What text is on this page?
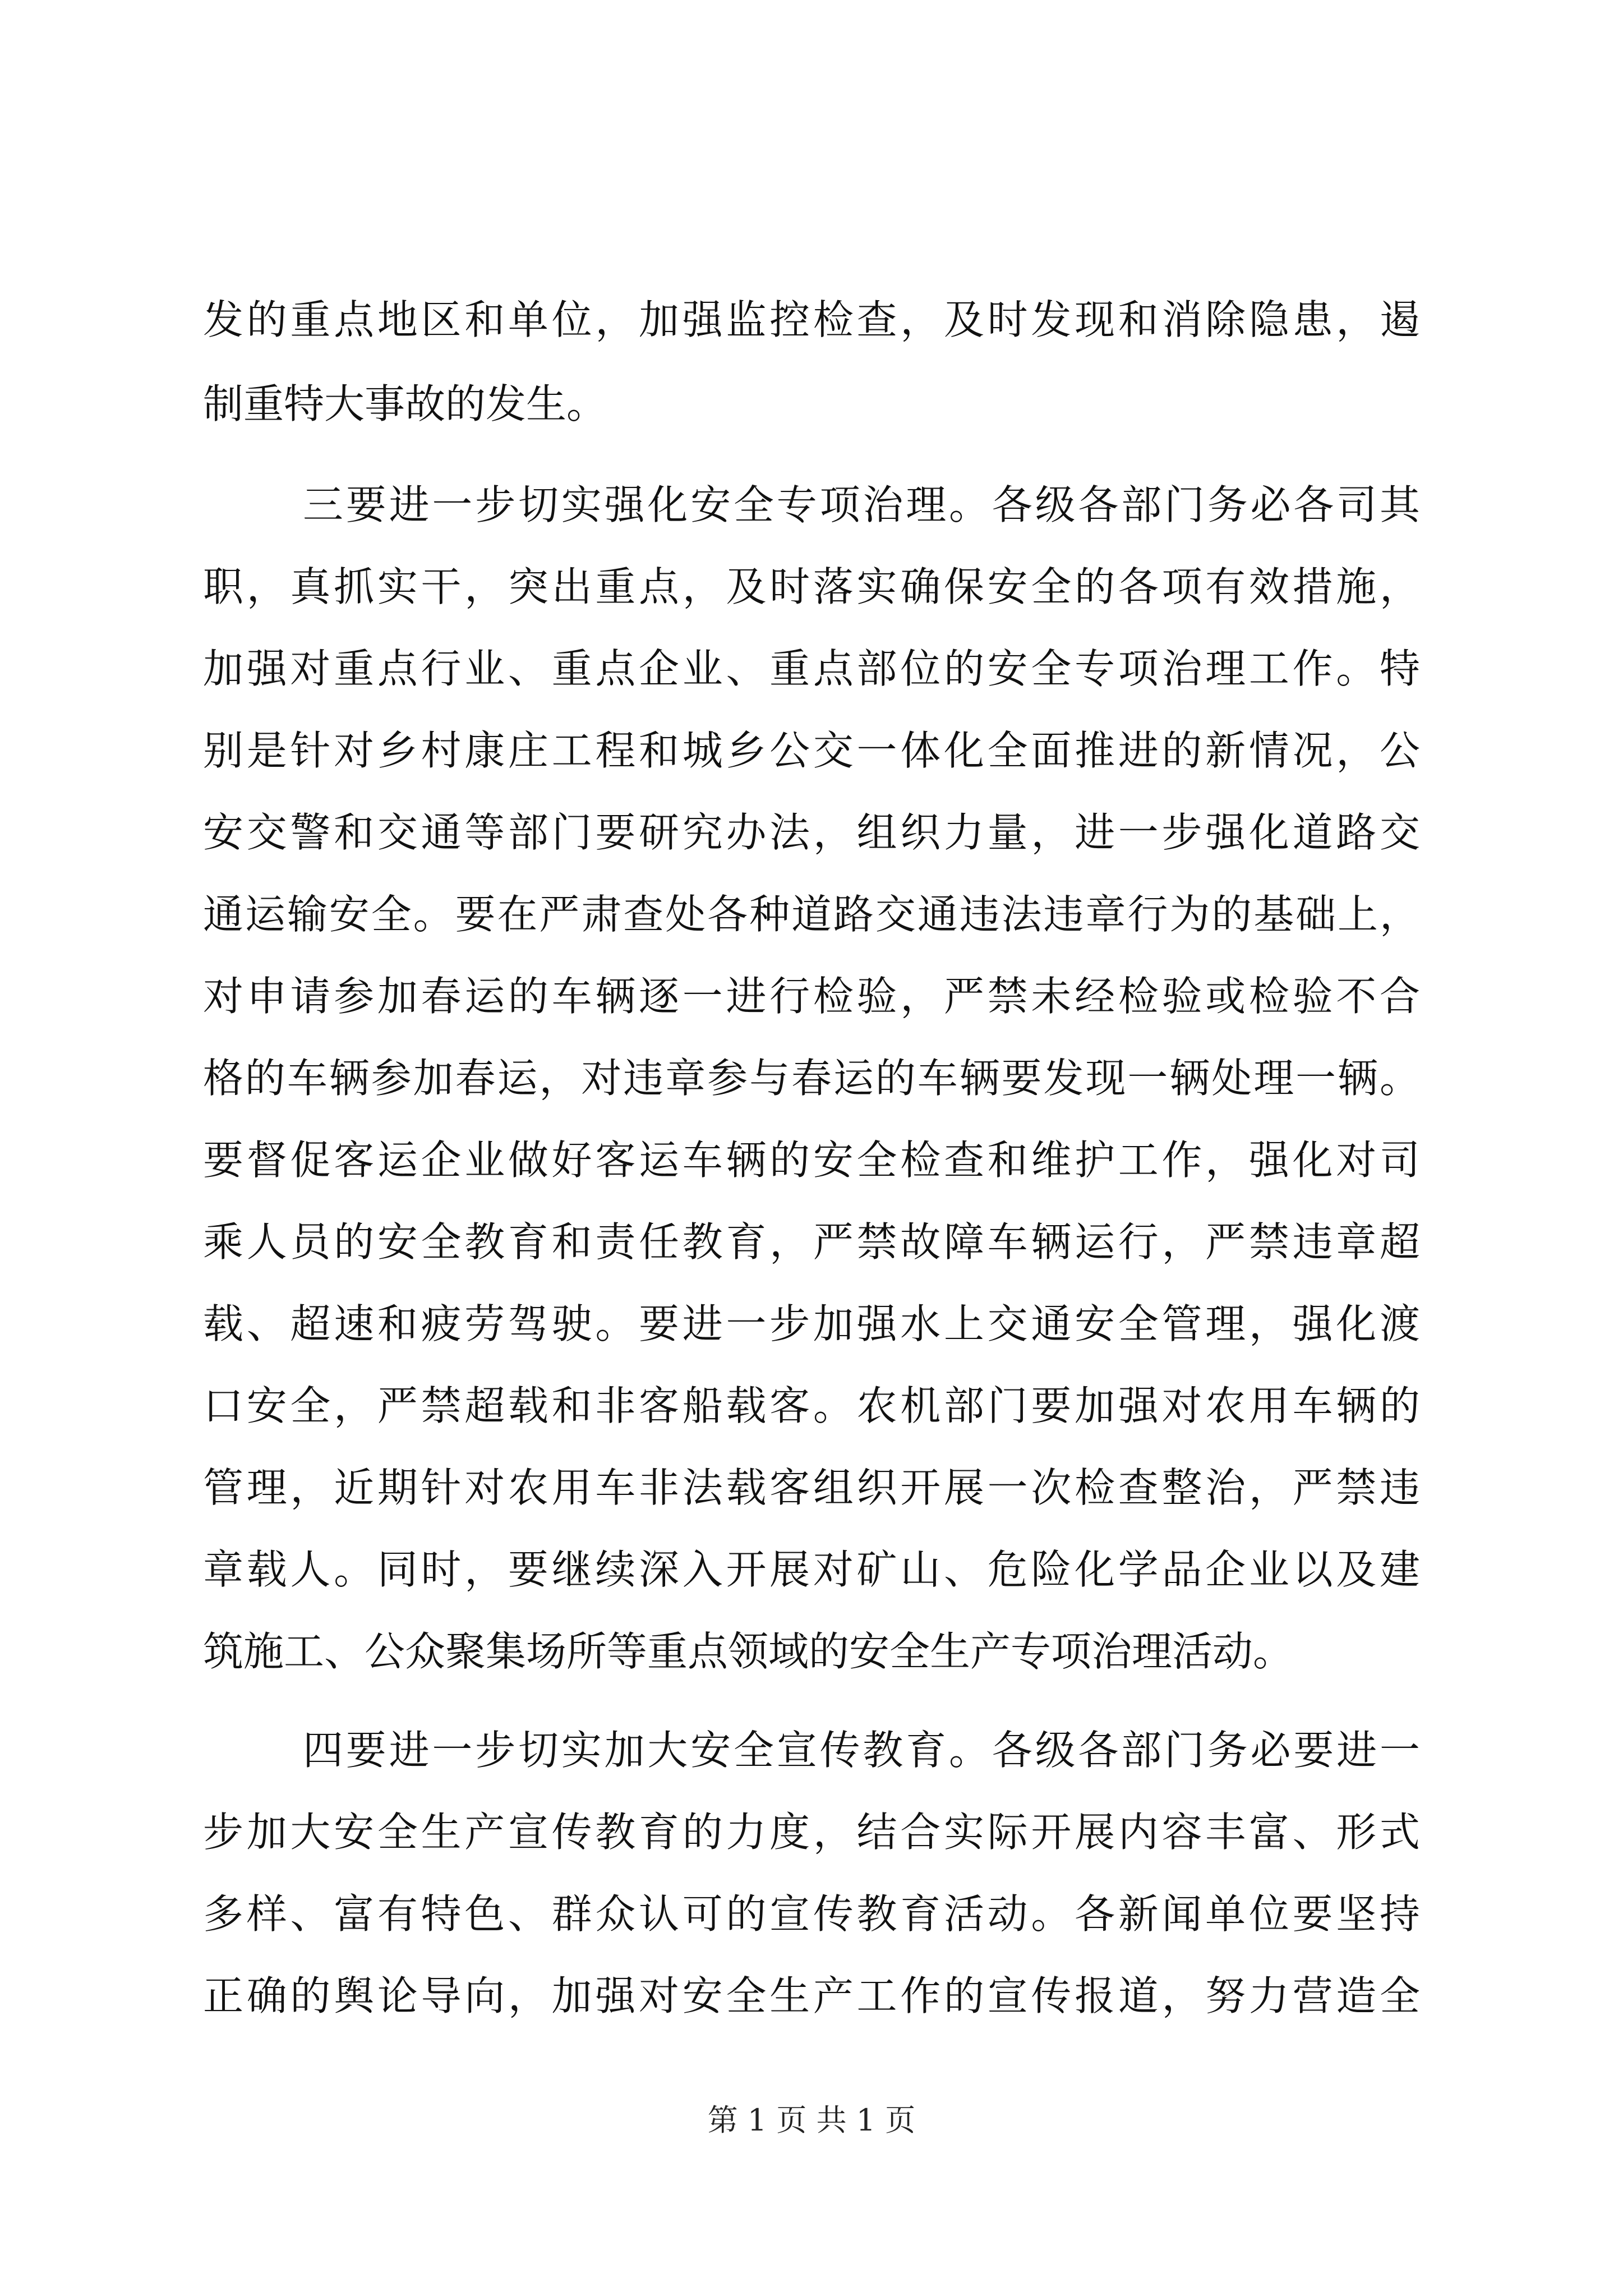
发的重点地区和单位，加强监控检查，及时发现和消除隐患，遏
制重特大事故的发生。
三要进一步切实强化安全专项治理。各级各部门务必各司其
职，真抓实干，突出重点，及时落实确保安全的各项有效措施，
加强对重点行业、重点企业、重点部位的安全专项治理工作。特
别是针对乡村康庄工程和城乡公交一体化全面推进的新情况，公
安交警和交通等部门要研究办法，组织力量，进一步强化道路交
通运输安全。要在严肃查处各种道路交通违法违章行为的基础上，
对申请参加春运的车辆逐一进行检验，严禁未经检验或检验不合
格的车辆参加春运，对违章参与春运的车辆要发现一辆处理一辆。
要督促客运企业做好客运车辆的安全检查和维护工作，强化对司
乘人员的安全教育和责任教育，严禁故障车辆运行，严禁违章超
载、超速和疲劳驾驶。要进一步加强水上交通安全管理，强化渡
口安全，严禁超载和非客船载客。农机部门要加强对农用车辆的
管理，近期针对农用车非法载客组织开展一次检查整治，严禁违
章载人。同时，要继续深入开展对矿山、危险化学品企业以及建
筑施工、公众聚集场所等重点领域的安全生产专项治理活动。
四要进一步切实加大安全宣传教育。各级各部门务必要进一
步加大安全生产宣传教育的力度，结合实际开展内容丰富、形式
多样、富有特色、群众认可的宣传教育活动。各新闻单位要坚持
正确的舆论导向，加强对安全生产工作的宣传报道，努力营造全
第 1 页 共 1 页
